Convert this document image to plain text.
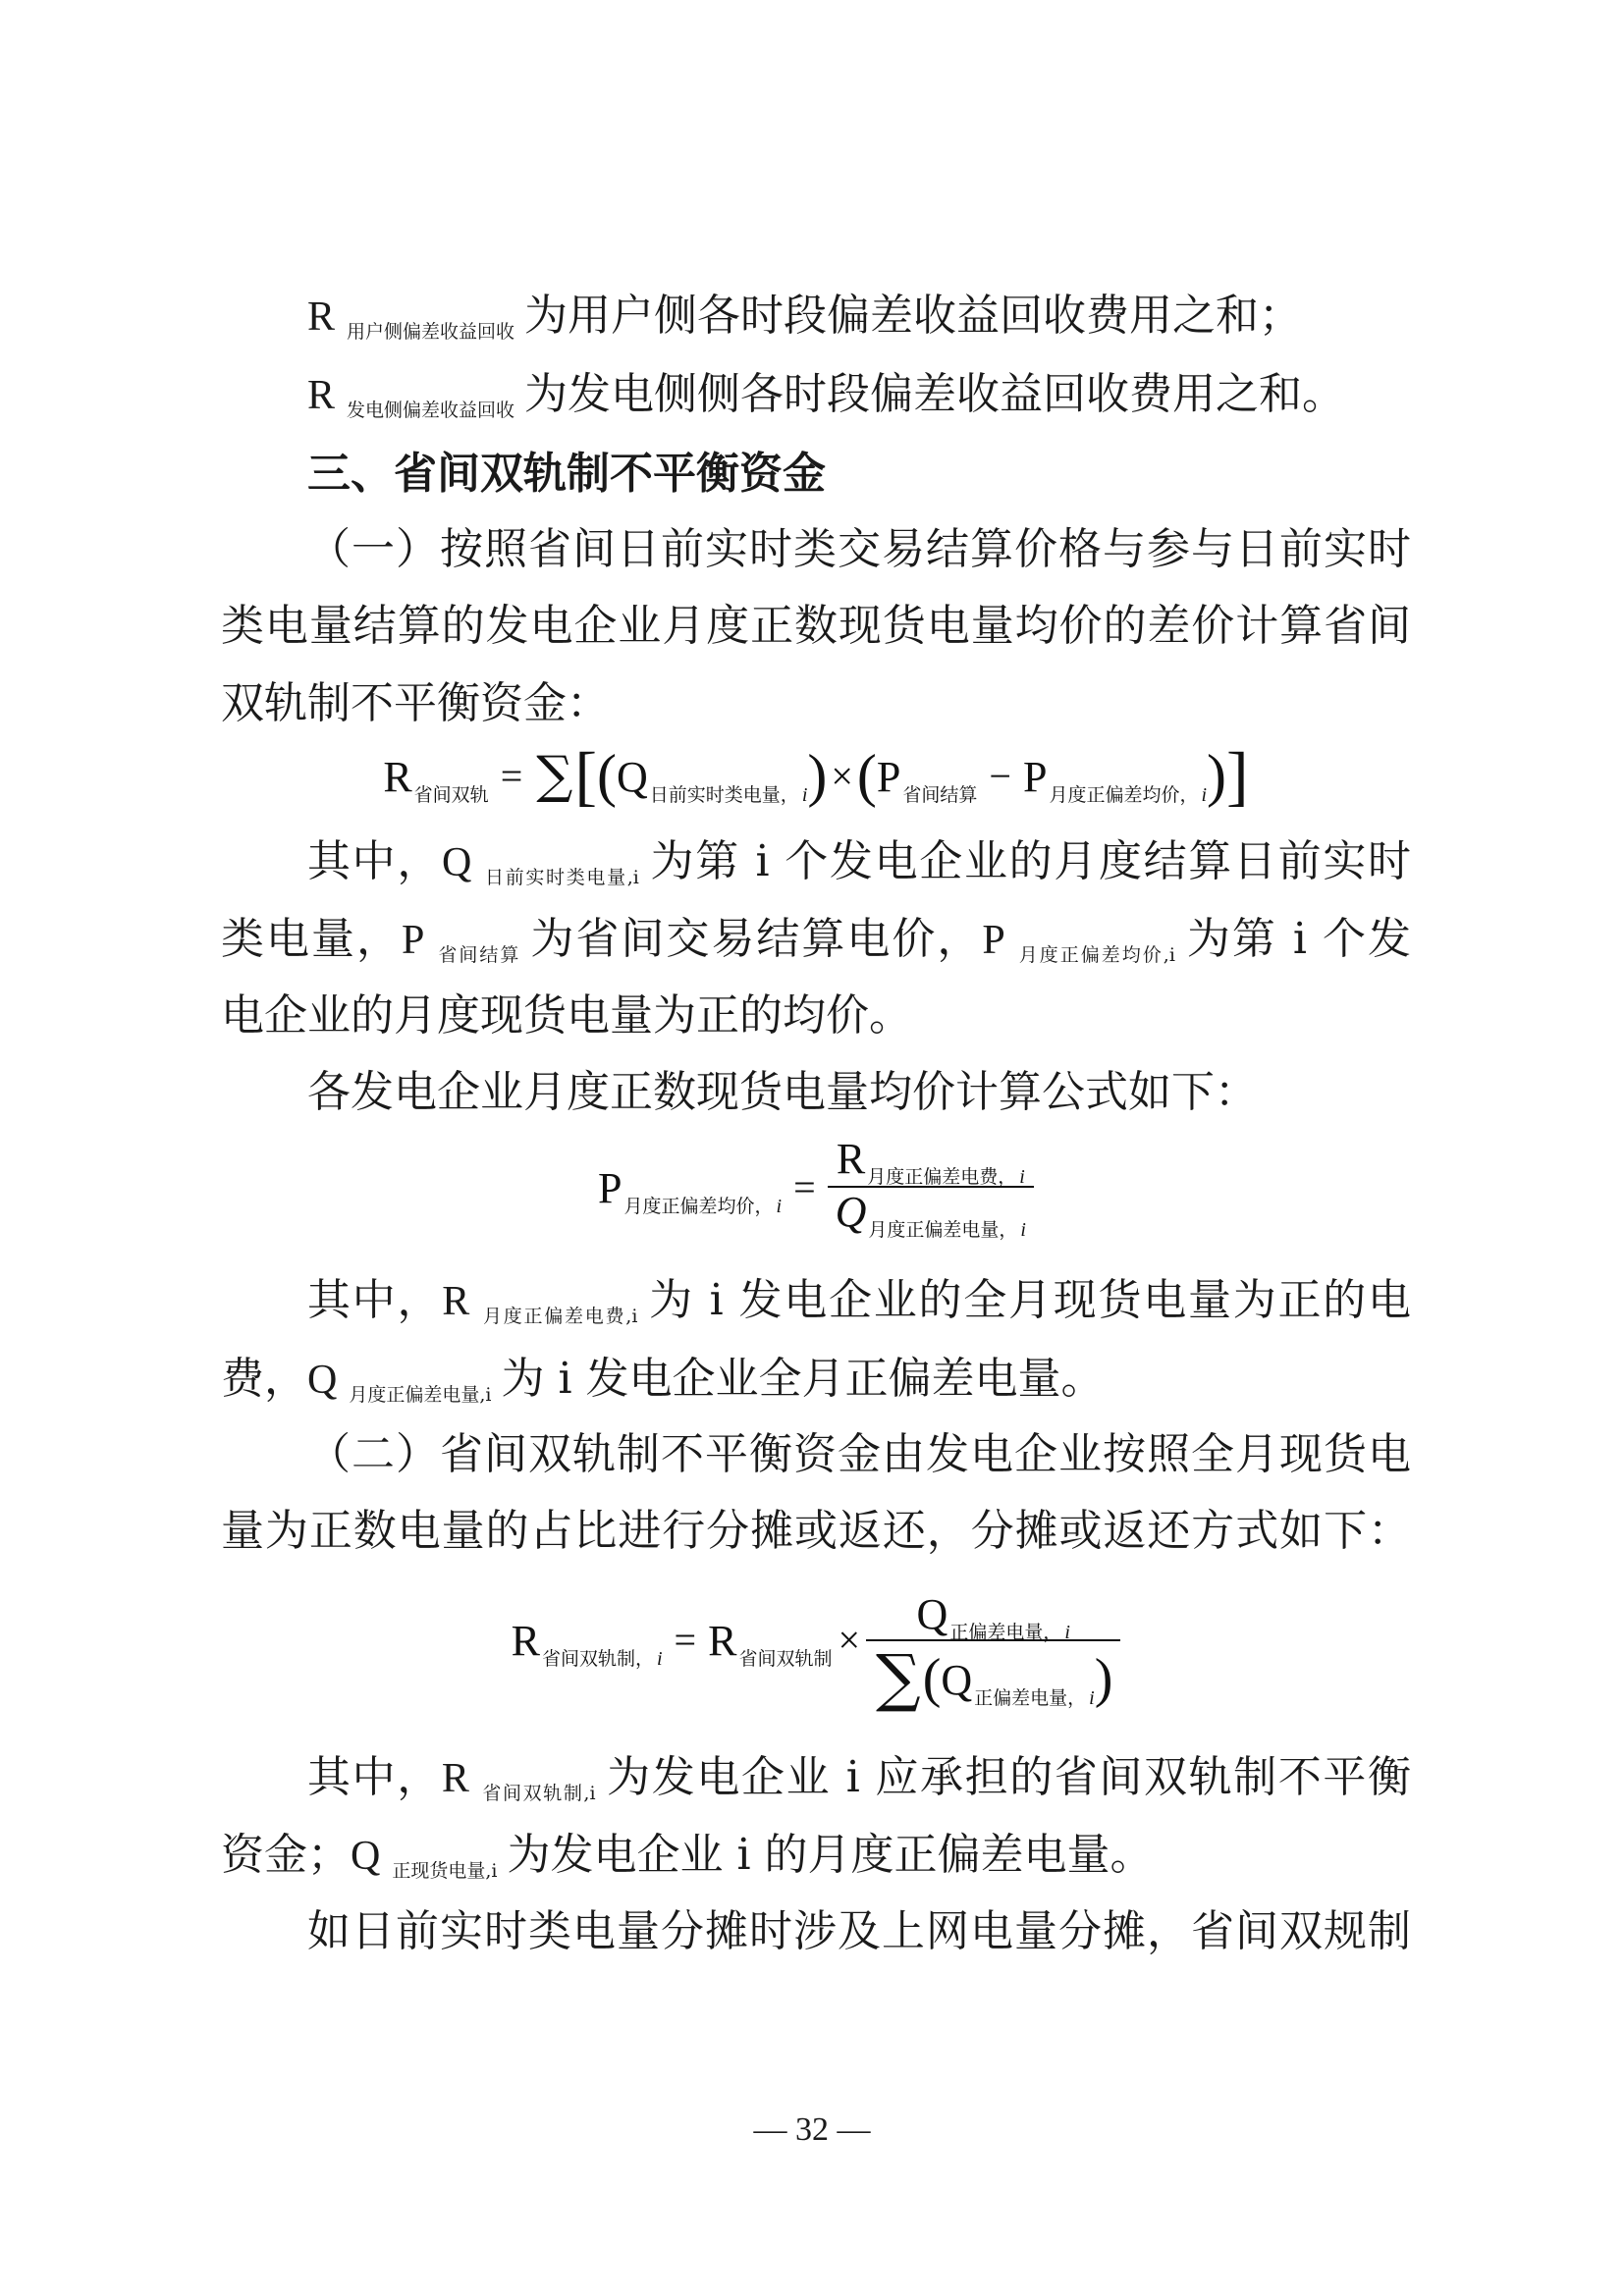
R用户侧偏差收益回收 为用户侧各时段偏差收益回收费用之和；
R发电侧偏差收益回收 为发电侧侧各时段偏差收益回收费用之和。
三、省间双轨制不平衡资金
（一）按照省间日前实时类交易结算价格与参与日前实时
类电量结算的发电企业月度正数现货电量均价的差价计算省间
双轨制不平衡资金：
R $_{省间双轨}$ = ∑ [ ( Q $_{日前实时类电量, i}$ ) × ( P $_{省间结算}$ − P $_{月度正偏差均价, i}$ ) ]
其中，Q 日前实时类电量,i 为第 i 个发电企业的月度结算日前实时
类电量，P 省间结算 为省间交易结算电价，P 月度正偏差均价,i 为第 i 个发
电企业的月度现货电量为正的均价。
各发电企业月度正数现货电量均价计算公式如下：
P $_{月度正偏差均价, i} = \frac{R _{月度正偏差电费, i}}{Q _{月度正偏差电量, i}}$
其中，R 月度正偏差电费,i 为 i 发电企业的全月现货电量为正的电
费，Q 月度正偏差电量,i 为 i 发电企业全月正偏差电量。
（二）省间双轨制不平衡资金由发电企业按照全月现货电
量为正数电量的占比进行分摊或返还，分摊或返还方式如下：
R $_{省间双轨制, i}$ = R $_{省间双轨制} \times \frac{Q _{正偏差电量, i}}{\sum ( Q _{正偏差电量, i} )}$
其中，R 省间双轨制,i 为发电企业 i 应承担的省间双轨制不平衡
资金；Q 正现货电量,i 为发电企业 i 的月度正偏差电量。
如日前实时类电量分摊时涉及上网电量分摊，省间双规制
— 32 —
